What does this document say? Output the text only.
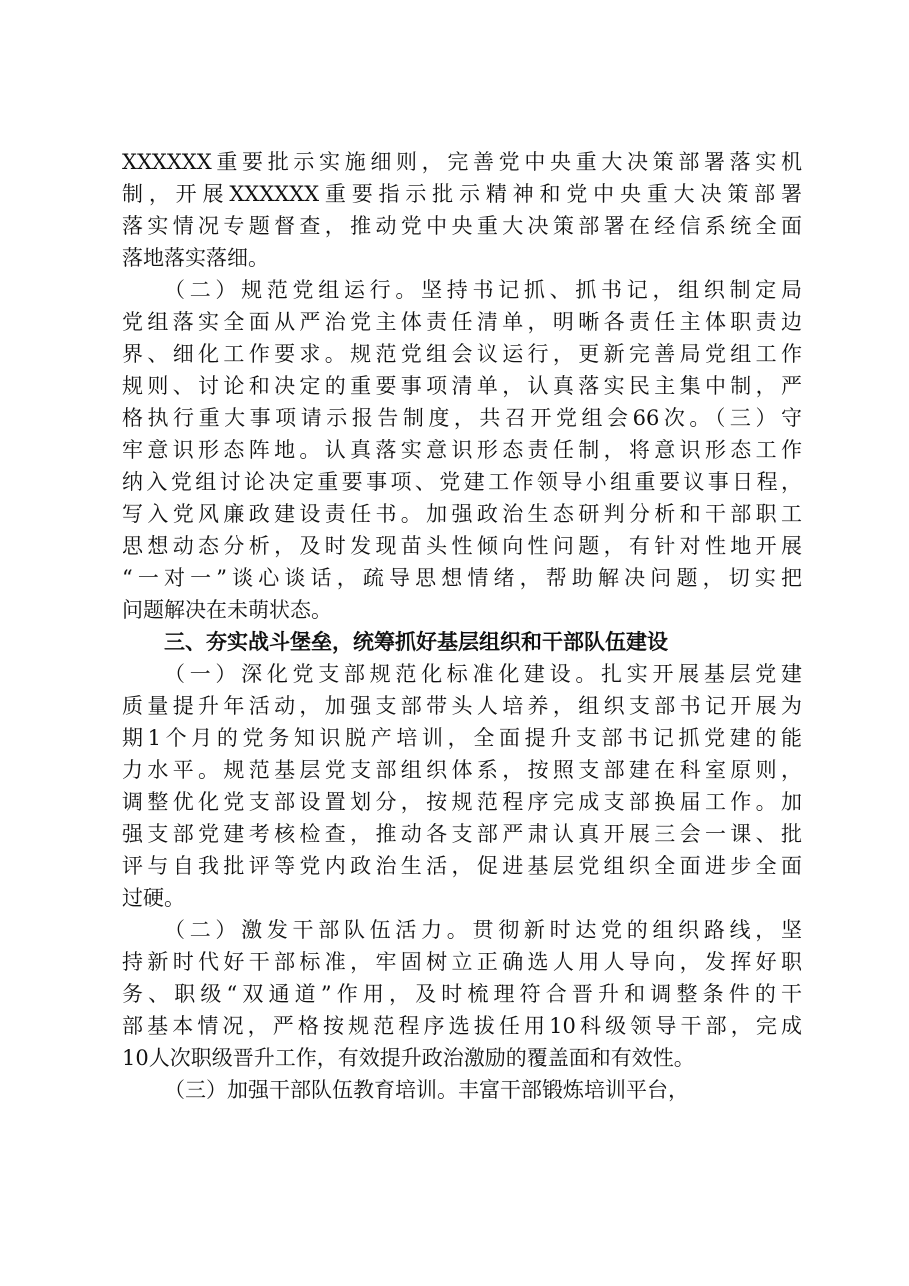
XXXXXX重要批示实施细则，完善党中央重大决策部署落实机
制，开展XXXXXX重要指示批示精神和党中央重大决策部署
落实情况专题督查，推动党中央重大决策部署在经信系统全面
落地落实落细。
（二）规范党组运行。坚持书记抓、抓书记，组织制定局
党组落实全面从严治党主体责任清单，明晰各责任主体职责边
界、细化工作要求。规范党组会议运行，更新完善局党组工作
规则、讨论和决定的重要事项清单，认真落实民主集中制，严
格执行重大事项请示报告制度，共召开党组会66次。（三）守
牢意识形态阵地。认真落实意识形态责任制，将意识形态工作
纳入党组讨论决定重要事项、党建工作领导小组重要议事日程，
写入党风廉政建设责任书。加强政治生态研判分析和干部职工
思想动态分析，及时发现苗头性倾向性问题，有针对性地开展
“一对一”谈心谈话，疏导思想情绪，帮助解决问题，切实把
问题解决在未萌状态。
三、夯实战斗堡垒，统筹抓好基层组织和干部队伍建设
（一）深化党支部规范化标准化建设。扎实开展基层党建
质量提升年活动，加强支部带头人培养，组织支部书记开展为
期1个月的党务知识脱产培训，全面提升支部书记抓党建的能
力水平。规范基层党支部组织体系，按照支部建在科室原则，
调整优化党支部设置划分，按规范程序完成支部换届工作。加
强支部党建考核检查，推动各支部严肃认真开展三会一课、批
评与自我批评等党内政治生活，促进基层党组织全面进步全面
过硬。
（二）激发干部队伍活力。贯彻新时达党的组织路线，坚
持新时代好干部标准，牢固树立正确选人用人导向，发挥好职
务、职级“双通道”作用，及时梳理符合晋升和调整条件的干
部基本情况，严格按规范程序选拔任用10科级领导干部，完成
10人次职级晋升工作，有效提升政治激励的覆盖面和有效性。
（三）加强干部队伍教育培训。丰富干部锻炼培训平台，
